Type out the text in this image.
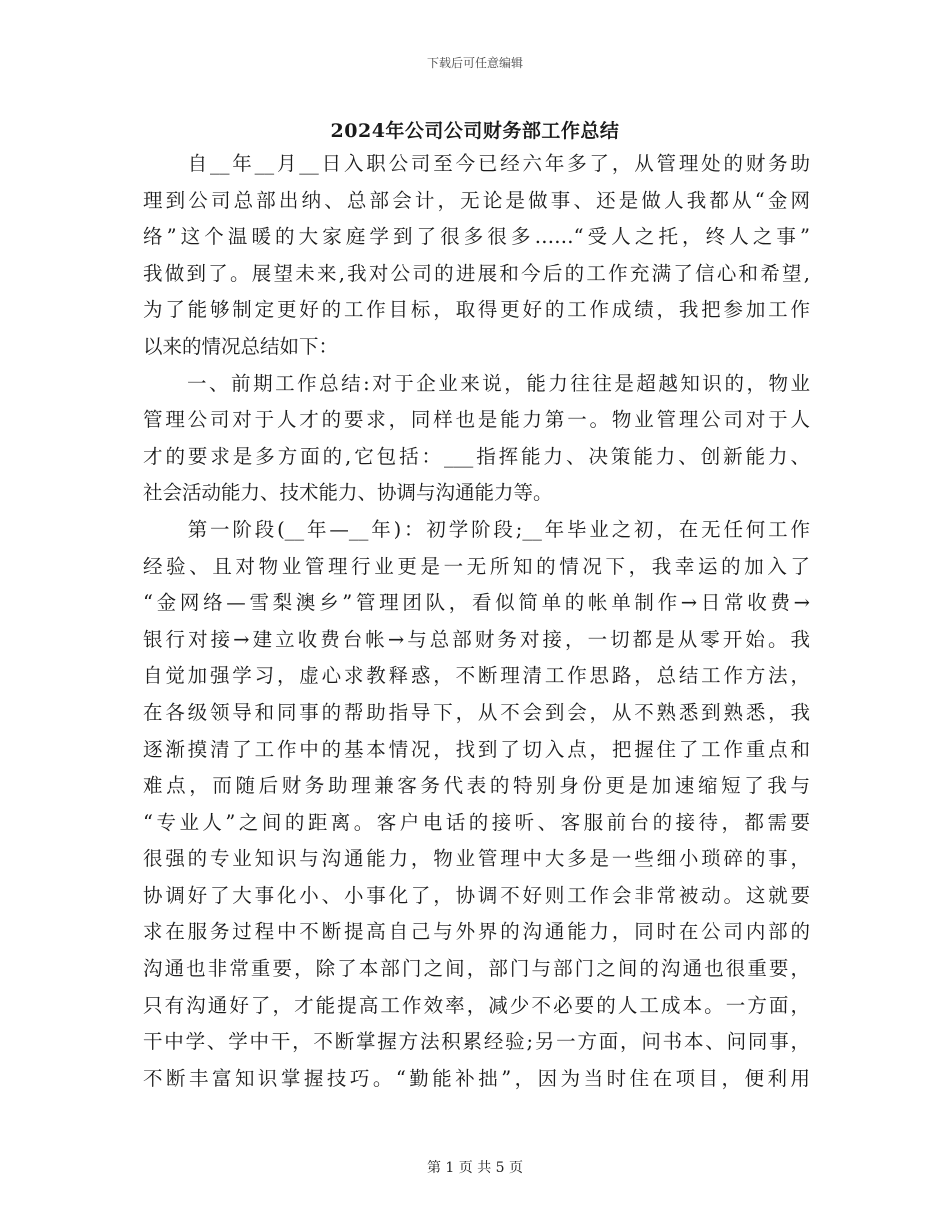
下载后可任意编辑
2024年公司公司财务部工作总结
　　自__年__月__日入职公司至今已经六年多了，从管理处的财务助
理到公司总部出纳、总部会计，无论是做事、还是做人我都从“金网
络”这个温暖的大家庭学到了很多很多……“受人之托，终人之事”
我做到了。展望未来,我对公司的进展和今后的工作充满了信心和希望,
为了能够制定更好的工作目标，取得更好的工作成绩，我把参加工作
以来的情况总结如下：
　　一、前期工作总结:对于企业来说，能力往往是超越知识的，物业
管理公司对于人才的要求，同样也是能力第一。物业管理公司对于人
才的要求是多方面的,它包括：___指挥能力、决策能力、创新能力、
社会活动能力、技术能力、协调与沟通能力等。
　　第一阶段(__年—__年)：初学阶段;__年毕业之初，在无任何工作
经验、且对物业管理行业更是一无所知的情况下，我幸运的加入了
“金网络—雪梨澳乡”管理团队，看似简单的帐单制作→日常收费→
银行对接→建立收费台帐→与总部财务对接，一切都是从零开始。我
自觉加强学习，虚心求教释惑，不断理清工作思路，总结工作方法，
在各级领导和同事的帮助指导下，从不会到会，从不熟悉到熟悉，我
逐渐摸清了工作中的基本情况，找到了切入点，把握住了工作重点和
难点，而随后财务助理兼客务代表的特别身份更是加速缩短了我与
“专业人”之间的距离。客户电话的接听、客服前台的接待，都需要
很强的专业知识与沟通能力，物业管理中大多是一些细小琐碎的事，
协调好了大事化小、小事化了，协调不好则工作会非常被动。这就要
求在服务过程中不断提高自己与外界的沟通能力，同时在公司内部的
沟通也非常重要，除了本部门之间，部门与部门之间的沟通也很重要，
只有沟通好了，才能提高工作效率，减少不必要的人工成本。一方面，
干中学、学中干，不断掌握方法积累经验;另一方面，问书本、问同事，
不断丰富知识掌握技巧。“勤能补拙”，因为当时住在项目，便利用
第 1 页 共 5 页
